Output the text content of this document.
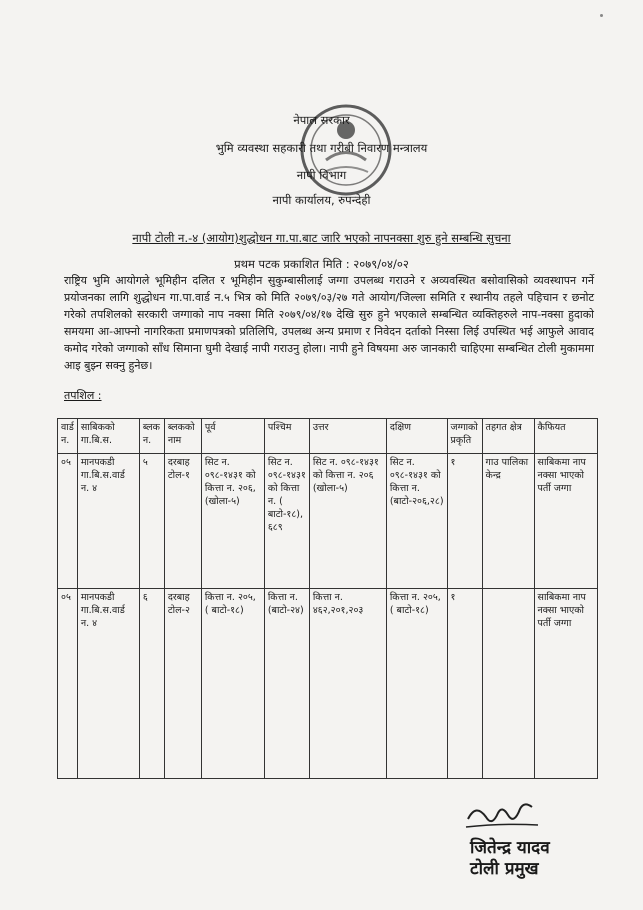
नेपाल सरकार
भुमि व्यवस्था सहकारी तथा गरीबी निवारण मन्त्रालय
नापी विभाग
नापी कार्यालय, रुपन्देही
नापी टोली न.-४ (आयोग)शुद्धोधन गा.पा.बाट जारि भएको नापनक्सा शुरु हुने सम्बन्धि सुचना
प्रथम पटक प्रकाशित मिति : २०७९/०४/०२
राष्ट्रिय भुमि आयोगले भूमिहीन दलित र भूमिहीन सुकुम्बासीलाई जग्गा उपलब्ध गराउने र अव्यवस्थित बसोवासिको व्यवस्थापन गर्ने प्रयोजनका लागि शुद्धोधन गा.पा.वार्ड न.५ भित्र को मिति २०७९/०३/२७ गते आयोग/जिल्ला समिति र स्थानीय तहले पहिचान र छनोट गरेको तपशिलको सरकारी जग्गाको नाप नक्सा मिति २०७९/०४/१७ देखि सुरु हुने भएकाले सम्बन्धित व्यक्तिहरुले नाप-नक्सा हुदाको समयमा आ-आफ्नो नागरिकता प्रमाणपत्रको प्रतिलिपि, उपलब्ध अन्य प्रमाण र निवेदन दर्ताको निस्सा लिई उपस्थित भई आफुले आवाद कमोद गरेको जग्गाको साँध सिमाना घुमी देखाई नापी गराउनु होला। नापी हुने विषयमा अरु जानकारी चाहिएमा सम्बन्धित टोली मुकाममा आइ बुझ्न सक्नु हुनेछ।
तपशिल :
वार्ड न.	साबिकको गा.बि.स.	ब्लक न.	ब्लकको नाम	पूर्व	पश्चिम	उत्तर	दक्षिण	जग्गाको प्रकृति	तहगत क्षेत्र	कैफियत
०५	मानपकडी गा.बि.स.वार्ड न. ४	५	दरबाह टोल-१	सिट न. ०९८-१४३१ को कित्ता न. २०६,(खोला-५)	सिट न. ०९८-१४३१ को कित्ता न. ( बाटो-१८), ६८९	सिट न. ०९८-१४३१ को कित्ता न. २०६ (खोला-५)	सिट न. ०९८-१४३१ को कित्ता न. (बाटो-२०६,२८)	१	गाउ पालिका केन्द्र	साबिकमा नाप नक्सा भाएको पर्ती जग्गा
०५	मानपकडी गा.बि.स.वार्ड न. ४	६	दरबाह टोल-२	कित्ता न. २०५, ( बाटो-१८)	कित्ता न. (बाटो-२४)	कित्ता न. ४६२,२०१,२०३	कित्ता न. २०५, ( बाटो-१८)	१		साबिकमा नाप नक्सा भाएको पर्ती जग्गा
जितेन्द्र यादव
टोली प्रमुख
